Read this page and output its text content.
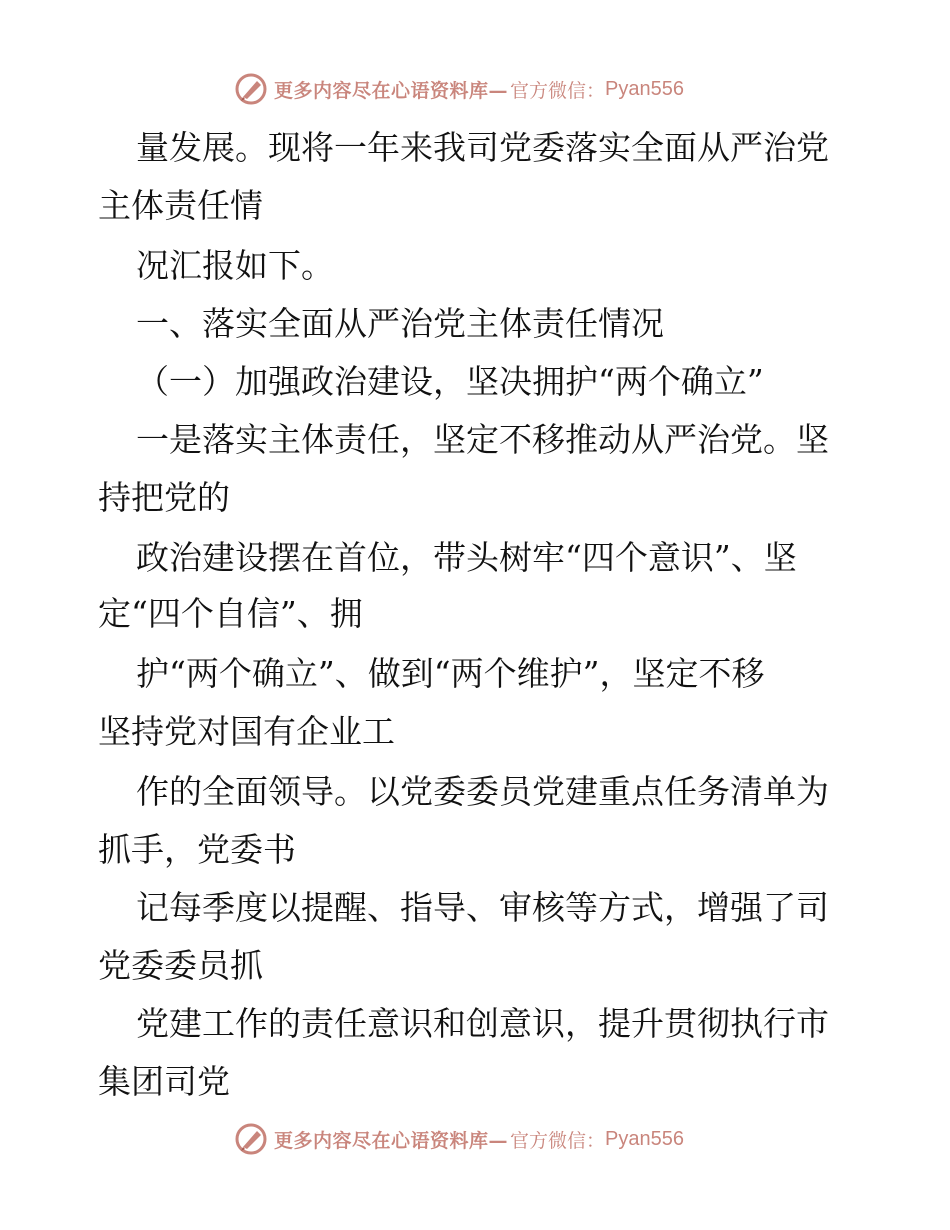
更多内容尽在心语资料库— 官方微信： Pyan556
量发展。现将一年来我司党委落实全面从严治党
主体责任情
况汇报如下。
一、落实全面从严治党主体责任情况
（一）加强政治建设，坚决拥护“两个确立”
一是落实主体责任，坚定不移推动从严治党。坚
持把党的
政治建设摆在首位，带头树牢“四个意识”、坚
定“四个自信”、拥
护“两个确立”、做到“两个维护”，坚定不移
坚持党对国有企业工
作的全面领导。以党委委员党建重点任务清单为
抓手，党委书
记每季度以提醒、指导、审核等方式，增强了司
党委委员抓
党建工作的责任意识和创意识，提升贯彻执行市
集团司党
更多内容尽在心语资料库— 官方微信： Pyan556
